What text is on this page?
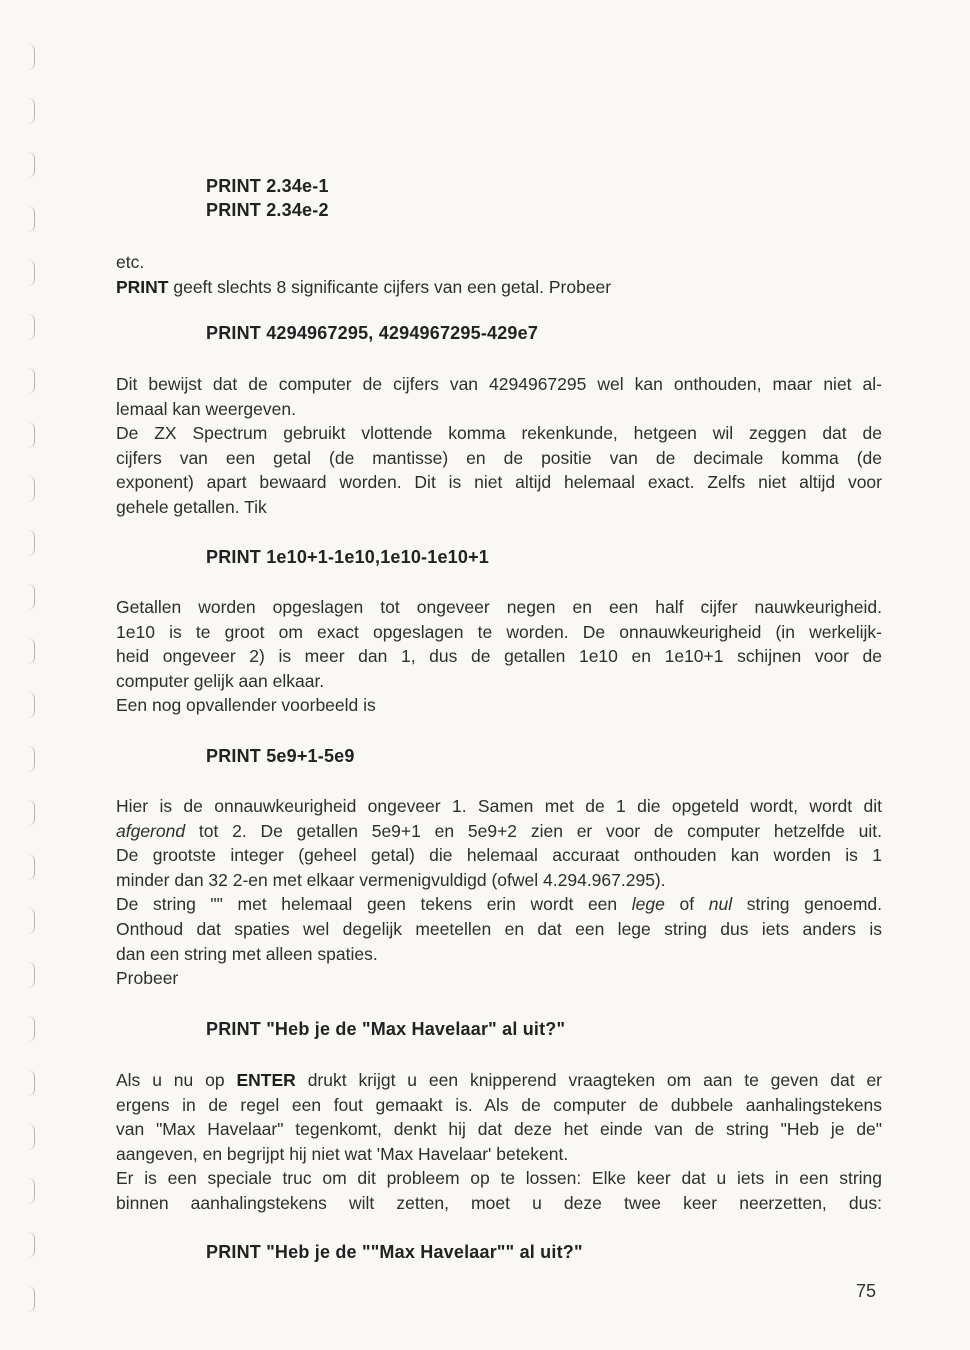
PRINT 2.34e-1
PRINT 2.34e-2
etc.
PRINT geeft slechts 8 significante cijfers van een getal. Probeer
PRINT 4294967295, 4294967295-429e7
Dit bewijst dat de computer de cijfers van 4294967295 wel kan onthouden, maar niet al-
lemaal kan weergeven.
De ZX Spectrum gebruikt vlottende komma rekenkunde, hetgeen wil zeggen dat de
cijfers van een getal (de mantisse) en de positie van de decimale komma (de
exponent) apart bewaard worden. Dit is niet altijd helemaal exact. Zelfs niet altijd voor
gehele getallen. Tik
PRINT 1e10+1-1e10,1e10-1e10+1
Getallen worden opgeslagen tot ongeveer negen en een half cijfer nauwkeurigheid.
1e10 is te groot om exact opgeslagen te worden. De onnauwkeurigheid (in werkelijk-
heid ongeveer 2) is meer dan 1, dus de getallen 1e10 en 1e10+1 schijnen voor de
computer gelijk aan elkaar.
Een nog opvallender voorbeeld is
PRINT 5e9+1-5e9
Hier is de onnauwkeurigheid ongeveer 1. Samen met de 1 die opgeteld wordt, wordt dit
afgerond tot 2. De getallen 5e9+1 en 5e9+2 zien er voor de computer hetzelfde uit.
De grootste integer (geheel getal) die helemaal accuraat onthouden kan worden is 1
minder dan 32 2-en met elkaar vermenigvuldigd (ofwel 4.294.967.295).
De string "" met helemaal geen tekens erin wordt een lege of nul string genoemd.
Onthoud dat spaties wel degelijk meetellen en dat een lege string dus iets anders is
dan een string met alleen spaties.
Probeer
PRINT "Heb je de "Max Havelaar" al uit?"
Als u nu op ENTER drukt krijgt u een knipperend vraagteken om aan te geven dat er
ergens in de regel een fout gemaakt is. Als de computer de dubbele aanhalingstekens
van "Max Havelaar" tegenkomt, denkt hij dat deze het einde van de string "Heb je de"
aangeven, en begrijpt hij niet wat 'Max Havelaar' betekent.
Er is een speciale truc om dit probleem op te lossen: Elke keer dat u iets in een string
binnen aanhalingstekens wilt zetten, moet u deze twee keer neerzetten, dus:
PRINT "Heb je de ""Max Havelaar"" al uit?"
75
